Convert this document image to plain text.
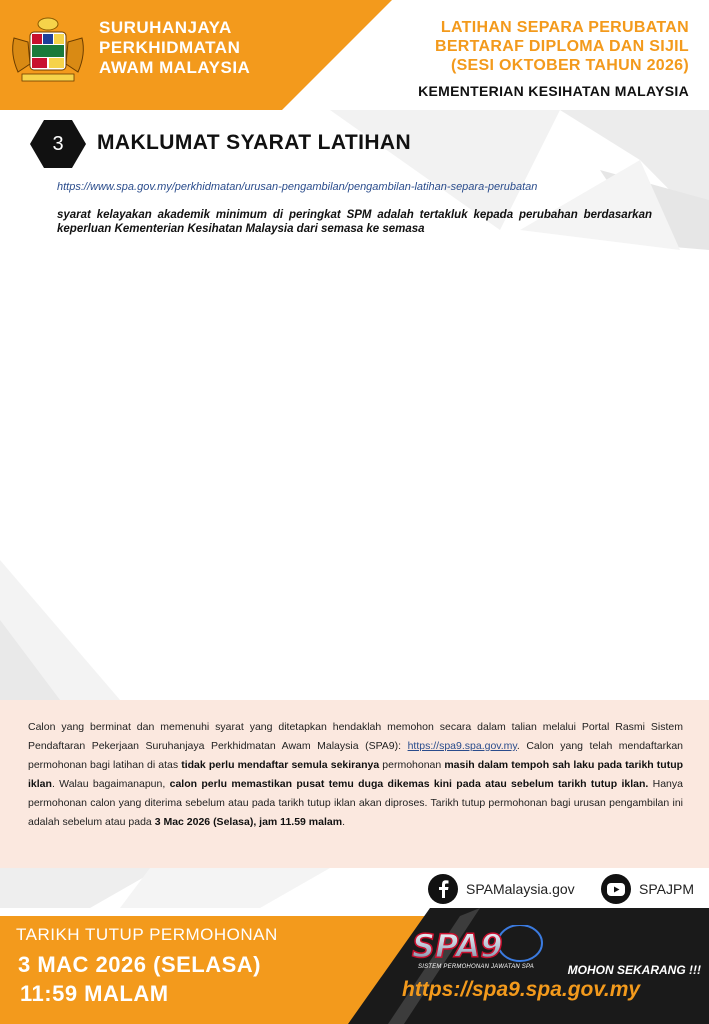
SURUHANJAYA
PERKHIDMATAN
AWAM MALAYSIA
LATIHAN SEPARA PERUBATAN
BERTARAF DIPLOMA DAN SIJIL
(SESI OKTOBER TAHUN 2026)
KEMENTERIAN KESIHATAN MALAYSIA
3	MAKLUMAT SYARAT LATIHAN
https://www.spa.gov.my/perkhidmatan/urusan-pengambilan/pengambilan-latihan-separa-perubatan

syarat kelayakan akademik minimum di peringkat SPM adalah tertakluk kepada perubahan berdasarkan keperluan Kementerian Kesihatan Malaysia dari semasa ke semasa

Calon yang berminat dan memenuhi syarat yang ditetapkan hendaklah memohon secara dalam talian melalui Portal Rasmi Sistem Pendaftaran Pekerjaan Suruhanjaya Perkhidmatan Awam Malaysia (SPA9): https://spa9.spa.gov.my. Calon yang telah mendaftarkan permohonan bagi latihan di atas tidak perlu mendaftar semula sekiranya permohonan masih dalam tempoh sah laku pada tarikh tutup iklan. Walau bagaimanapun, calon perlu memastikan pusat temu duga dikemas kini pada atau sebelum tarikh tutup iklan. Hanya permohonan calon yang diterima sebelum atau pada tarikh tutup iklan akan diproses. Tarikh tutup permohonan bagi urusan pengambilan ini adalah sebelum atau pada 3 Mac 2026 (Selasa), jam 11.59 malam.

SPAMalaysia.gov	SPAJPM
TARIKH TUTUP PERMOHONAN
3 MAC 2026 (SELASA)
11:59 MALAM
SPA9
SISTEM PERMOHONAN JAWATAN SPA	MOHON SEKARANG !!!
https://spa9.spa.gov.my
